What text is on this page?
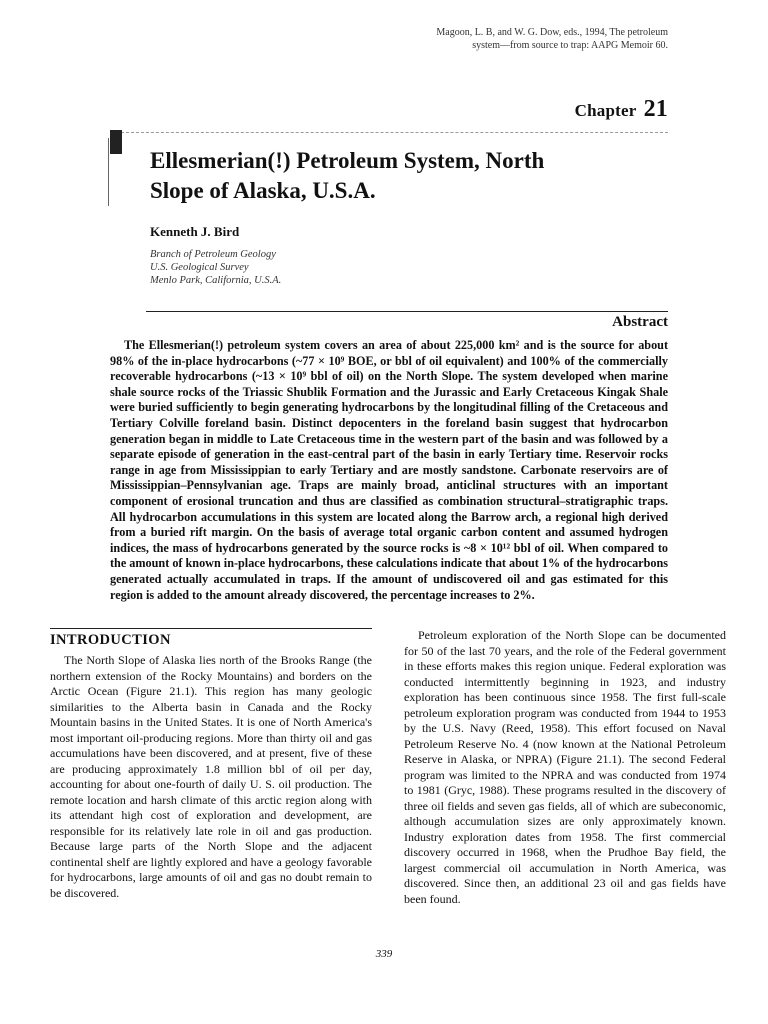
Magoon, L. B, and W. G. Dow, eds., 1994, The petroleum
system—from source to trap: AAPG Memoir 60.
Chapter 21
Ellesmerian(!) Petroleum System, North
Slope of Alaska, U.S.A.
Kenneth J. Bird
Branch of Petroleum Geology
U.S. Geological Survey
Menlo Park, California, U.S.A.
Abstract

The Ellesmerian(!) petroleum system covers an area of about 225,000 km² and is the source for about 98% of the in-place hydrocarbons (~77 × 10⁹ BOE, or bbl of oil equivalent) and 100% of the commercially recoverable hydrocarbons (~13 × 10⁹ bbl of oil) on the North Slope. The system developed when marine shale source rocks of the Triassic Shublik Formation and the Jurassic and Early Cretaceous Kingak Shale were buried sufficiently to begin generating hydrocarbons by the longitudinal filling of the Cretaceous and Tertiary Colville foreland basin. Distinct depocenters in the foreland basin suggest that hydrocarbon generation began in middle to Late Cretaceous time in the western part of the basin and was followed by a separate episode of generation in the east-central part of the basin in early Tertiary time. Reservoir rocks range in age from Mississippian to early Tertiary and are mostly sandstone. Carbonate reservoirs are of Mississippian–Pennsylvanian age. Traps are mainly broad, anticlinal structures with an important component of erosional truncation and thus are classified as combination structural–stratigraphic traps. All hydrocarbon accumulations in this system are located along the Barrow arch, a regional high derived from a buried rift margin. On the basis of average total organic carbon content and assumed hydrogen indices, the mass of hydrocarbons generated by the source rocks is ~8 × 10¹² bbl of oil. When compared to the amount of known in-place hydrocarbons, these calculations indicate that about 1% of the hydrocarbons generated actually accumulated in traps. If the amount of undiscovered oil and gas estimated for this region is added to the amount already discovered, the percentage increases to 2%.

INTRODUCTION

The North Slope of Alaska lies north of the Brooks Range (the northern extension of the Rocky Mountains) and borders on the Arctic Ocean (Figure 21.1). This region has many geologic similarities to the Alberta basin in Canada and the Rocky Mountain basins in the United States. It is one of North America's most important oil-producing regions. More than thirty oil and gas accumulations have been discovered, and at present, five of these are producing approximately 1.8 million bbl of oil per day, accounting for about one-fourth of daily U. S. oil production. The remote location and harsh climate of this arctic region along with its attendant high cost of exploration and development, are responsible for its relatively late role in oil and gas production. Because large parts of the North Slope and the adjacent continental shelf are lightly explored and have a geology favorable for hydrocarbons, large amounts of oil and gas no doubt remain to be discovered.

Petroleum exploration of the North Slope can be documented for 50 of the last 70 years, and the role of the Federal government in these efforts makes this region unique. Federal exploration was conducted intermittently beginning in 1923, and industry exploration has been continuous since 1958. The first full-scale petroleum exploration program was conducted from 1944 to 1953 by the U.S. Navy (Reed, 1958). This effort focused on Naval Petroleum Reserve No. 4 (now known at the National Petroleum Reserve in Alaska, or NPRA) (Figure 21.1). The second Federal program was limited to the NPRA and was conducted from 1974 to 1981 (Gryc, 1988). These programs resulted in the discovery of three oil fields and seven gas fields, all of which are subeconomic, although accumulation sizes are only approximately known. Industry exploration dates from 1958. The first commercial discovery occurred in 1968, when the Prudhoe Bay field, the largest commercial oil accumulation in North America, was discovered. Since then, an additional 23 oil and gas fields have been found.

339
